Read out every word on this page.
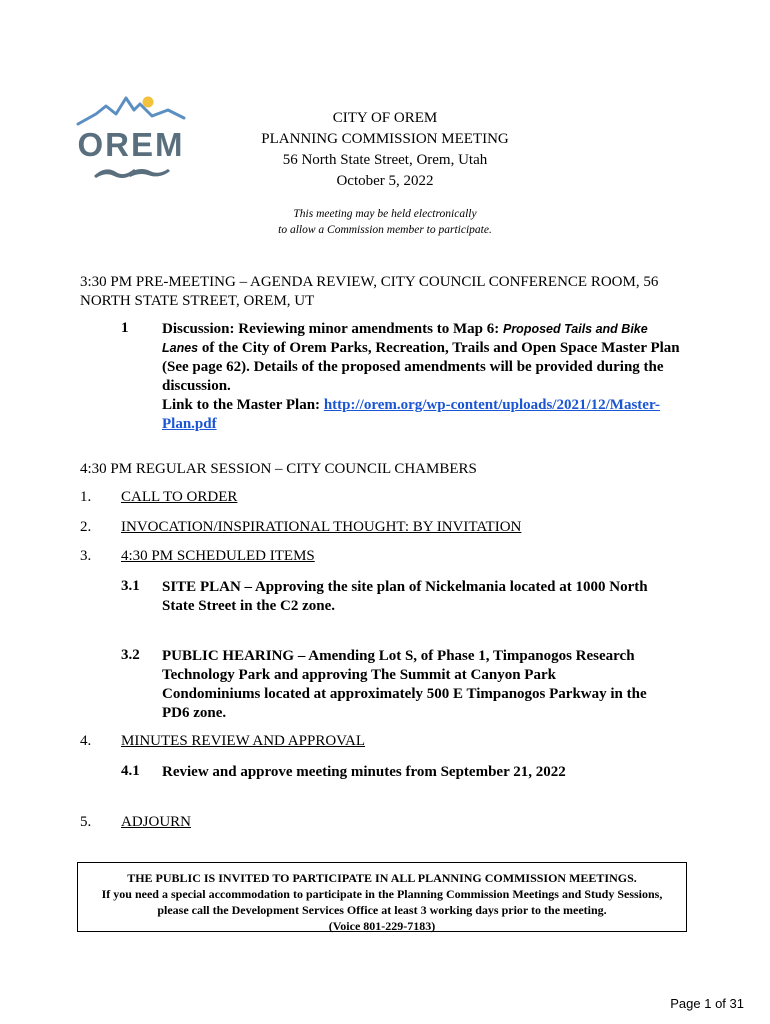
OREM
CITY OF OREM
PLANNING COMMISSION MEETING
56 North State Street, Orem, Utah
October 5, 2022
This meeting may be held electronically
to allow a Commission member to participate.
3:30 PM PRE-MEETING – AGENDA REVIEW, CITY COUNCIL CONFERENCE ROOM, 56 NORTH STATE STREET, OREM, UT
1 Discussion: Reviewing minor amendments to Map 6: Proposed Tails and Bike Lanes of the City of Orem Parks, Recreation, Trails and Open Space Master Plan (See page 62). Details of the proposed amendments will be provided during the discussion.
Link to the Master Plan: http://orem.org/wp-content/uploads/2021/12/Master-Plan.pdf
4:30 PM REGULAR SESSION – CITY COUNCIL CHAMBERS
1.	CALL TO ORDER
2.	INVOCATION/INSPIRATIONAL THOUGHT: BY INVITATION
3.	4:30 PM SCHEDULED ITEMS
3.1 SITE PLAN – Approving the site plan of Nickelmania located at 1000 North State Street in the C2 zone.
3.2 PUBLIC HEARING – Amending Lot S, of Phase 1, Timpanogos Research Technology Park and approving The Summit at Canyon Park Condominiums located at approximately 500 E Timpanogos Parkway in the PD6 zone.
4.	MINUTES REVIEW AND APPROVAL
4.1 Review and approve meeting minutes from September 21, 2022
5.	ADJOURN
THE PUBLIC IS INVITED TO PARTICIPATE IN ALL PLANNING COMMISSION MEETINGS.
If you need a special accommodation to participate in the Planning Commission Meetings and Study Sessions,
please call the Development Services Office at least 3 working days prior to the meeting.
(Voice 801-229-7183)
Page 1 of 31
